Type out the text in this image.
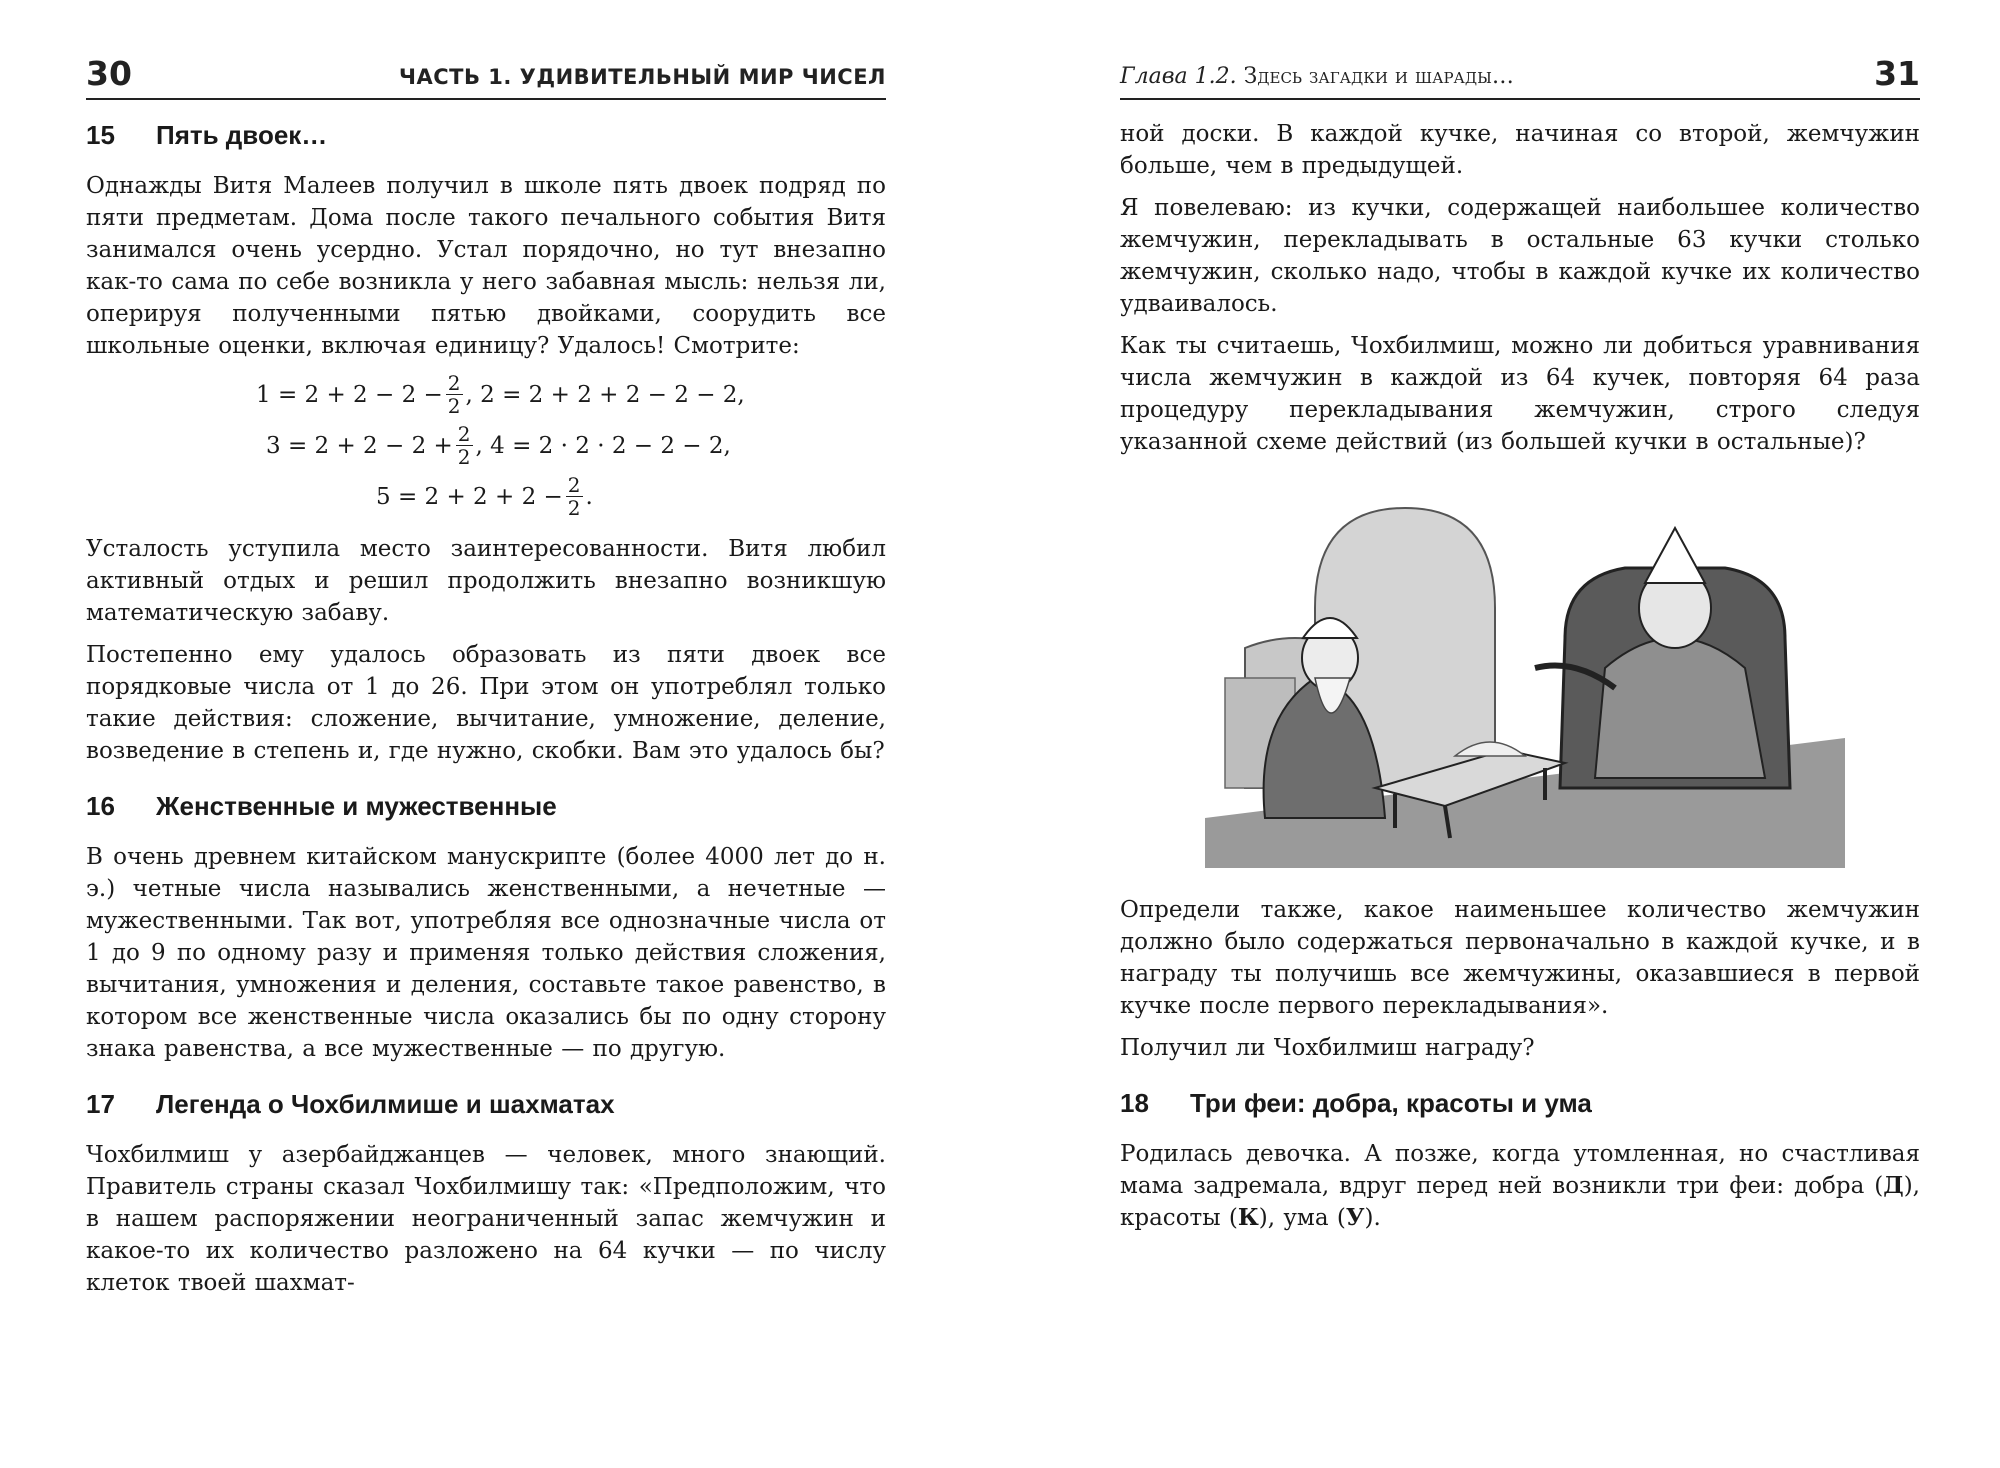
30	ЧАСТЬ 1. УДИВИТЕЛЬНЫЙ МИР ЧИСЕЛ
15	Пять двоек…

Однажды Витя Малеев получил в школе пять двоек подряд по пяти предметам. Дома после такого печального события Витя занимался очень усердно. Устал порядочно, но тут внезапно как-то сама по себе возникла у него забавная мысль: нельзя ли, оперируя полученными пятью двойками, соорудить все школьные оценки, включая единицу? Удалось! Смотрите:

$1 = 2 + 2 - 2 - \frac{2}{2}$ , 2 = 2 + 2 + 2 − 2 − 2,
$3 = 2 + 2 - 2 + \frac{2}{2}$ , 4 = 2 · 2 · 2 − 2 − 2,
$5 = 2 + 2 + 2 - \frac{2}{2}$ .

Усталость уступила место заинтересованности. Витя любил активный отдых и решил продолжить внезапно возникшую математическую забаву.

Постепенно ему удалось образовать из пяти двоек все порядковые числа от 1 до 26. При этом он употреблял только такие действия: сложение, вычитание, умножение, деление, возведение в степень и, где нужно, скобки. Вам это удалось бы?

16	Женственные и мужественные

В очень древнем китайском манускрипте (более 4000 лет до н. э.) четные числа назывались женственными, а нечетные — мужественными. Так вот, употребляя все однозначные числа от 1 до 9 по одному разу и применяя только действия сложения, вычитания, умножения и деления, составьте такое равенство, в котором все женственные числа оказались бы по одну сторону знака равенства, а все мужественные — по другую.

17	Легенда о Чохбилмише и шахматах

Чохбилмиш у азербайджанцев — человек, много знающий. Правитель страны сказал Чохбилмишу так: «Предположим, что в нашем распоряжении неограниченный запас жемчужин и какое-то их количество разложено на 64 кучки — по числу клеток твоей шахмат-

Глава 1.2. Здесь загадки и шарады…	31

ной доски. В каждой кучке, начиная со второй, жемчужин больше, чем в предыдущей.

Я повелеваю: из кучки, содержащей наибольшее количество жемчужин, перекладывать в остальные 63 кучки столько жемчужин, сколько надо, чтобы в каждой кучке их количество удваивалось.

Как ты считаешь, Чохбилмиш, можно ли добиться уравнивания числа жемчужин в каждой из 64 кучек, повторяя 64 раза процедуру перекладывания жемчужин, строго следуя указанной схеме действий (из большей кучки в остальные)?

Определи также, какое наименьшее количество жемчужин должно было содержаться первоначально в каждой кучке, и в награду ты получишь все жемчужины, оказавшиеся в первой кучке после первого перекладывания».

Получил ли Чохбилмиш награду?

18	Три феи: добра, красоты и ума

Родилась девочка. А позже, когда утомленная, но счастливая мама задремала, вдруг перед ней возникли три феи: добра (Д), красоты (К), ума (У).
